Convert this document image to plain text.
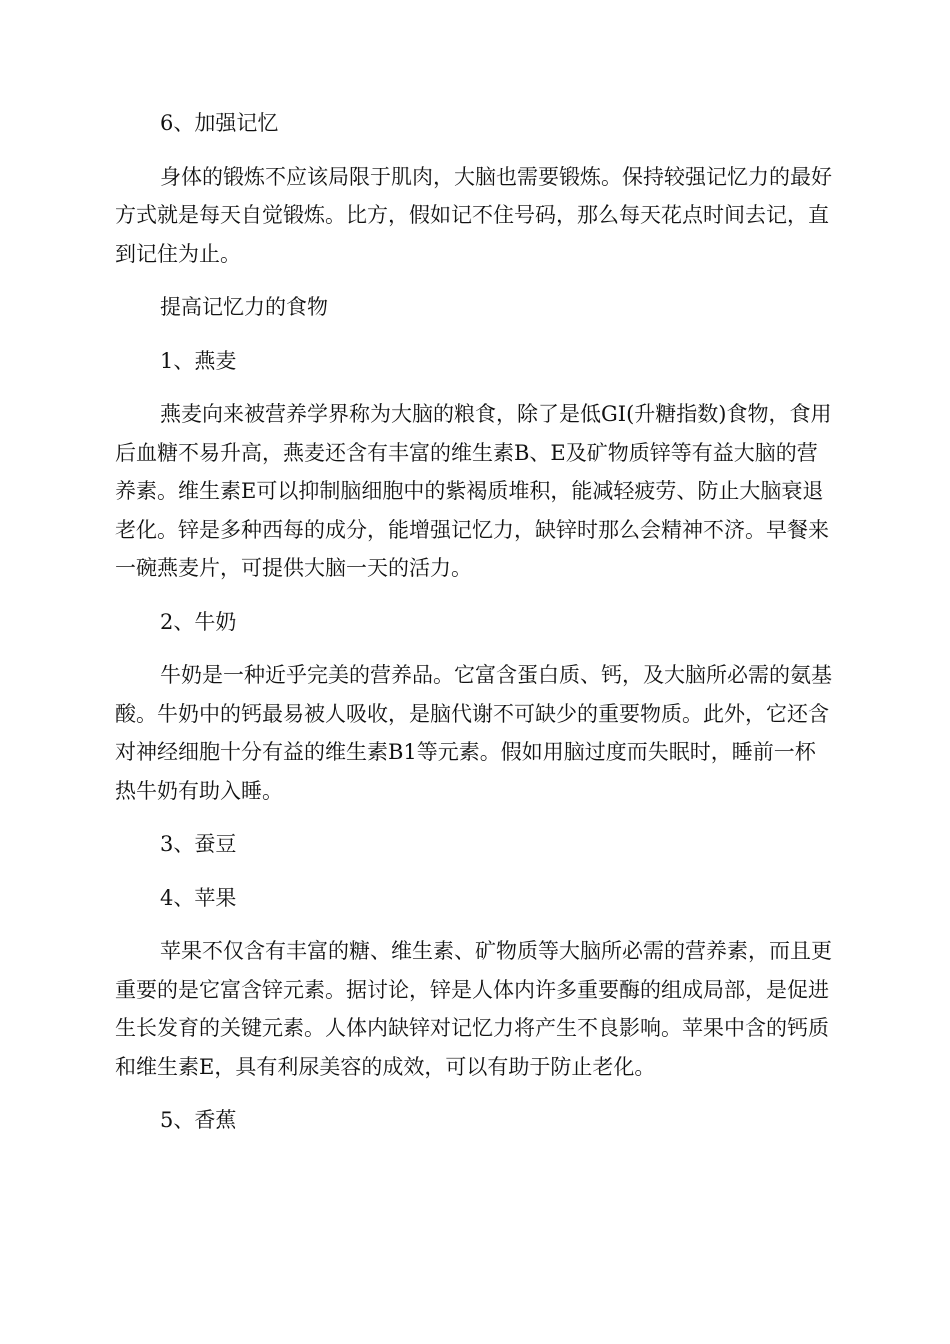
6、加强记忆

身体的锻炼不应该局限于肌肉，大脑也需要锻炼。保持较强记忆力的最好方式就是每天自觉锻炼。比方，假如记不住号码，那么每天花点时间去记，直到记住为止。

提高记忆力的食物

1、燕麦

燕麦向来被营养学界称为大脑的粮食，除了是低GI(升糖指数)食物，食用后血糖不易升高，燕麦还含有丰富的维生素B、E及矿物质锌等有益大脑的营养素。维生素E可以抑制脑细胞中的紫褐质堆积，能减轻疲劳、防止大脑衰退老化。锌是多种西每的成分，能增强记忆力，缺锌时那么会精神不济。早餐来一碗燕麦片，可提供大脑一天的活力。

2、牛奶

牛奶是一种近乎完美的营养品。它富含蛋白质、钙，及大脑所必需的氨基酸。牛奶中的钙最易被人吸收，是脑代谢不可缺少的重要物质。此外，它还含对神经细胞十分有益的维生素B1等元素。假如用脑过度而失眠时，睡前一杯热牛奶有助入睡。

3、蚕豆

4、苹果

苹果不仅含有丰富的糖、维生素、矿物质等大脑所必需的营养素，而且更重要的是它富含锌元素。据讨论，锌是人体内许多重要酶的组成局部，是促进生长发育的关键元素。人体内缺锌对记忆力将产生不良影响。苹果中含的钙质和维生素E，具有利尿美容的成效，可以有助于防止老化。

5、香蕉
